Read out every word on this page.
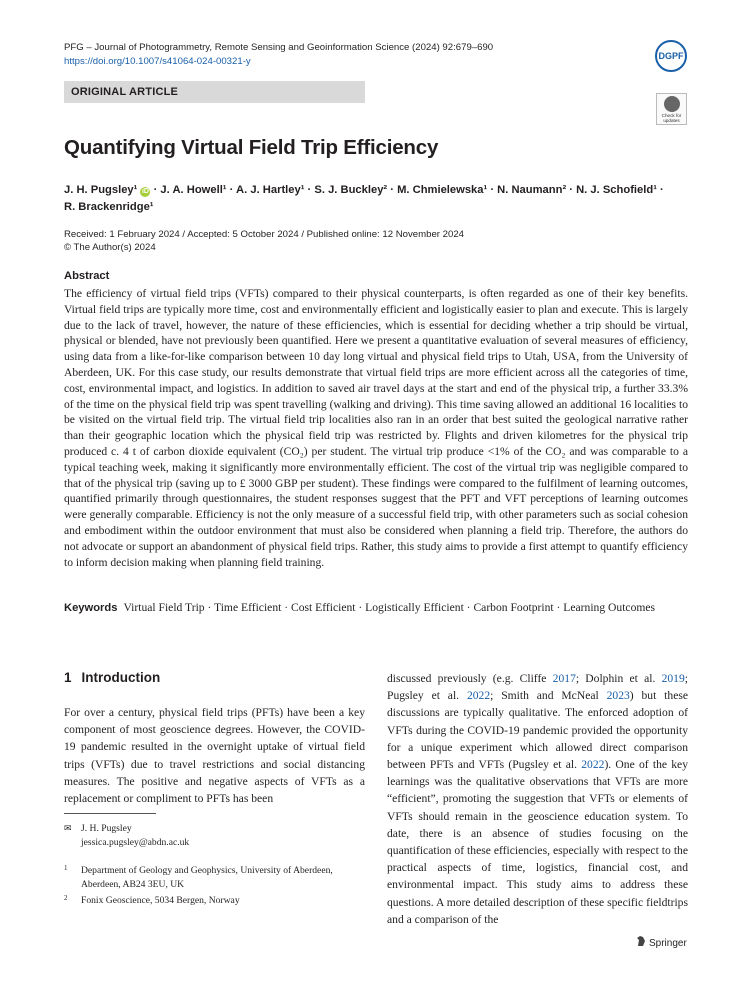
PFG – Journal of Photogrammetry, Remote Sensing and Geoinformation Science (2024) 92:679–690
https://doi.org/10.1007/s41064-024-00321-y	DGPF
ORIGINAL ARTICLE
Check for updates
Quantifying Virtual Field Trip Efficiency
J. H. Pugsley¹ iD · J. A. Howell¹ · A. J. Hartley¹ · S. J. Buckley² · M. Chmielewska¹ · N. Naumann² · N. J. Schofield¹ ·
R. Brackenridge¹
Received: 1 February 2024 / Accepted: 5 October 2024 / Published online: 12 November 2024
© The Author(s) 2024
Abstract
The efficiency of virtual field trips (VFTs) compared to their physical counterparts, is often regarded as one of their key benefits. Virtual field trips are typically more time, cost and environmentally efficient and logistically easier to plan and execute. This is largely due to the lack of travel, however, the nature of these efficiencies, which is essential for deciding whether a trip should be virtual, physical or blended, have not previously been quantified. Here we present a quantitative evaluation of several measures of efficiency, using data from a like-for-like comparison between 10 day long virtual and physical field trips to Utah, USA, from the University of Aberdeen, UK. For this case study, our results demonstrate that virtual field trips are more efficient across all the categories of time, cost, environmental impact, and logistics. In addition to saved air travel days at the start and end of the physical trip, a further 33.3% of the time on the physical field trip was spent travelling (walking and driving). This time saving allowed an additional 16 localities to be visited on the virtual field trip. The virtual field trip localities also ran in an order that best suited the geological narrative rather than their geographic location which the physical field trip was restricted by. Flights and driven kilometres for the physical trip produced c. 4 t of carbon dioxide equivalent (CO₂) per student. The virtual trip produce <1% of the CO₂ and was comparable to a typical teaching week, making it significantly more environmentally efficient. The cost of the virtual trip was negligible compared to that of the physical trip (saving up to £ 3000 GBP per student). These findings were compared to the fulfilment of learning outcomes, quantified primarily through questionnaires, the student responses suggest that the PFT and VFT perceptions of learning outcomes were generally comparable. Efficiency is not the only measure of a successful field trip, with other parameters such as social cohesion and embodiment within the outdoor environment that must also be considered when planning a field trip. Therefore, the authors do not advocate or support an abandonment of physical field trips. Rather, this study aims to provide a first attempt to quantify efficiency to inform decision making when planning field training.
Keywords Virtual Field Trip · Time Efficient · Cost Efficient · Logistically Efficient · Carbon Footprint · Learning Outcomes
1 Introduction
For over a century, physical field trips (PFTs) have been a key component of most geoscience degrees. However, the COVID-19 pandemic resulted in the overnight uptake of virtual field trips (VFTs) due to travel restrictions and social distancing measures. The positive and negative aspects of VFTs as a replacement or compliment to PFTs has been
discussed previously (e.g. Cliffe 2017; Dolphin et al. 2019; Pugsley et al. 2022; Smith and McNeal 2023) but these discussions are typically qualitative. The enforced adoption of VFTs during the COVID-19 pandemic provided the opportunity for a unique experiment which allowed direct comparison between PFTs and VFTs (Pugsley et al. 2022). One of the key learnings was the qualitative observations that VFTs are more “efficient”, promoting the suggestion that VFTs or elements of VFTs should remain in the geoscience education system. To date, there is an absence of studies focusing on the quantification of these efficiencies, especially with respect to the practical aspects of time, logistics, financial cost, and environmental impact. This study aims to address these questions. A more detailed description of these specific fieldtrips and a comparison of the
✉ J. H. Pugsley
jessica.pugsley@abdn.ac.uk
1 Department of Geology and Geophysics, University of Aberdeen, Aberdeen, AB24 3EU, UK
2 Fonix Geoscience, 5034 Bergen, Norway
Springer
